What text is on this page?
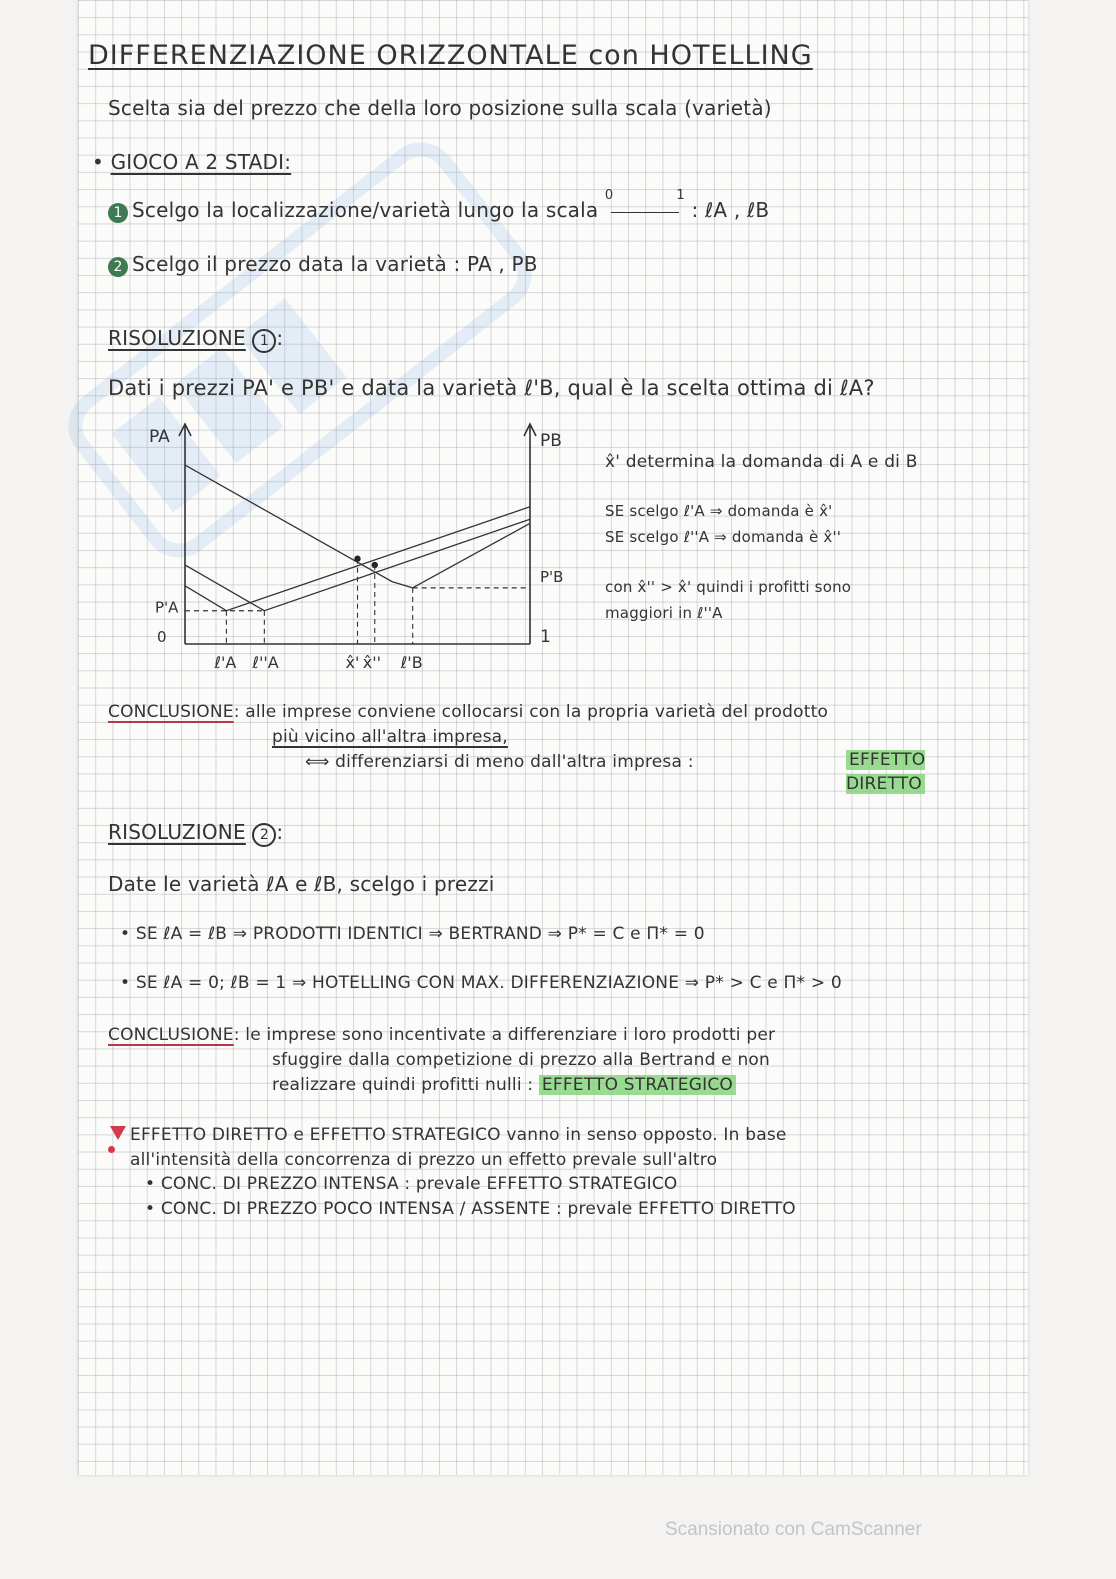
DIFFERENZIAZIONE ORIZZONTALE con HOTELLING
Scelta sia del prezzo che della loro posizione sulla scala (varietà)
• GIOCO A 2 STADI:
1 Scelgo la localizzazione/varietà lungo la scala
0	1
: ℓA , ℓB
2 Scelgo il prezzo data la varietà : PA , PB
RISOLUZIONE 1 :
Dati i prezzi PA' e PB' e data la varietà ℓ'B, qual è la scelta ottima di ℓA?
PA	PB
P'A
0
P'B
1
ℓ'A ℓ''A	x̂' x̂'' ℓ'B
x̂' determina la domanda di A e di B
SE scelgo ℓ'A ⇒ domanda è x̂'
SE scelgo ℓ''A ⇒ domanda è x̂''
con x̂'' > x̂' quindi i profitti sono
maggiori in ℓ''A
CONCLUSIONE: alle imprese conviene collocarsi con la propria varietà del prodotto
più vicino all'altra impresa,
⟺ differenziarsi di meno dall'altra impresa :	EFFETTO DIRETTO
RISOLUZIONE 2 :
Date le varietà ℓA e ℓB, scelgo i prezzi
• SE ℓA = ℓB ⇒ PRODOTTI IDENTICI ⇒ BERTRAND ⇒ P* = C e Π* = 0
• SE ℓA = 0; ℓB = 1 ⇒ HOTELLING CON MAX. DIFFERENZIAZIONE ⇒ P* > C e Π* > 0
CONCLUSIONE: le imprese sono incentivate a differenziare i loro prodotti per
sfuggire dalla competizione di prezzo alla Bertrand e non
realizzare quindi profitti nulli : EFFETTO STRATEGICO
EFFETTO DIRETTO e EFFETTO STRATEGICO vanno in senso opposto. In base
all'intensità della concorrenza di prezzo un effetto prevale sull'altro
• CONC. DI PREZZO INTENSA : prevale EFFETTO STRATEGICO
• CONC. DI PREZZO POCO INTENSA / ASSENTE : prevale EFFETTO DIRETTO
Scansionato con CamScanner
